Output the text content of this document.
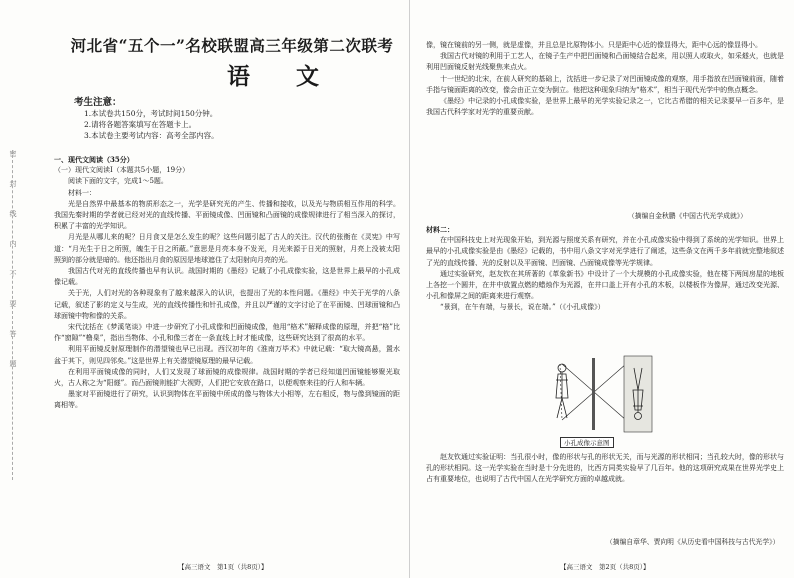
密
封
线
内
不
要
答
题
河北省“五个一”名校联盟高三年级第二次联考
语文
考生注意：
1.本试卷共150分，考试时间150分钟。
2.请将各题答案填写在答题卡上。
3.本试卷主要考试内容：高考全部内容。

一、现代文阅读（35分）

（一）现代文阅读Ⅰ（本题共5小题，19分）

阅读下面的文字，完成1～5题。

材料一：

光是自然界中最基本的物质形态之一，光学是研究光的产生、传播和接收，以及光与物质相互作用的科学。我国先秦时期的学者就已经对光的直线传播、平面镜成像、凹面镜和凸面镜的成像规律进行了相当深入的探讨，积累了丰富的光学知识。

月光是从哪儿来的呢？日月食又是怎么发生的呢？这些问题引起了古人的关注。汉代的张衡在《灵宪》中写道：“月光生于日之所照，魄生于日之所蔽。”意思是月亮本身不发光，月光来源于日光的照射，月亮上没被太阳照到的部分就是暗的。他还指出月食的原因是地球遮住了太阳射向月亮的光。

我国古代对光的直线传播也早有认识。战国时期的《墨经》记载了小孔成像实验，这是世界上最早的小孔成像记载。

关于光，人们对光的各种现象有了越来越深入的认识，也提出了光的本性问题。《墨经》中关于光学的八条记载，叙述了影的定义与生成，光的直线传播性和针孔成像，并且以严谨的文字讨论了在平面镜、凹球面镜和凸球面镜中物和像的关系。

宋代沈括在《梦溪笔谈》中进一步研究了小孔成像和凹面镜成像，他用“格术”解释成像的原理，并把“格”比作“窗隙”“橹臬”，指出当物体、小孔和像三者在一条直线上时才能成像，这些研究达到了很高的水平。

利用平面镜反射原理制作的潜望镜也早已出现。西汉初年的《淮南万毕术》中就记载：“取大镜高悬，置水盆于其下，则见四邻矣。”这是世界上有关潜望镜原理的最早记载。

在利用平面镜成像的同时，人们又发现了球面镜的成像规律。战国时期的学者已经知道凹面镜能够聚光取火，古人称之为“阳燧”。而凸面镜则能扩大视野，人们把它安放在路口，以便观察来往的行人和车辆。

墨家对平面镜进行了研究，认识到物体在平面镜中所成的像与物体大小相等，左右相反，物与像到镜面的距离相等。

【高三语文　第1页（共8页）】

像，镜在镜前的另一侧，就是虚像，并且总是比原物体小。只是距中心近的像显得大，距中心远的像显得小。

我国古代对镜的利用于工艺人，在镜子生产中把凹面镜和凸面镜结合起来，用以照人或取火，如采燧火，也就是利用凹面镜反射光线聚焦来点火。

十一世纪的北宋，在前人研究的基础上，沈括进一步记录了对凹面镜成像的观察，用手指放在凹面镜前面，随着手指与镜面距离的改变，像会由正立变为倒立。他把这种现象归纳为“格术”，相当于现代光学中的焦点概念。

《墨经》中记录的小孔成像实验，是世界上最早的光学实验记录之一，它比古希腊的相关记录要早一百多年，是我国古代科学家对光学的重要贡献。

（摘编自金秋鹏《中国古代光学成就》）

材料二：

在中国科技史上对光现象开始，到光源与照度关系有研究，并在小孔成像实验中得到了系统的光学知识。世界上最早的小孔成像实验是由《墨经》记载的，书中用八条文字对光学进行了阐述，这些条文在两千多年前就完整地叙述了光的直线传播、光的反射以及平面镜、凹面镜、凸面镜成像等光学规律。

通过实验研究，赵友钦在其所著的《革象新书》中设计了一个大规模的小孔成像实验，他在楼下两间房屋的地板上各挖一个圆井，在井中放置点燃的蜡烛作为光源，在井口盖上开有小孔的木板，以楼板作为像屏，通过改变光源、小孔和像屏之间的距离来进行观察。

“景到，在午有端，与景长，说在端。”（《小孔成像》）

小孔成像示意图

赵友钦通过实验证明：当孔很小时，像的形状与孔的形状无关，而与光源的形状相同；当孔较大时，像的形状与孔的形状相同。这一光学实验在当时是十分先进的，比西方同类实验早了几百年。他的这项研究成果在世界光学史上占有重要地位，也说明了古代中国人在光学研究方面的卓越成就。

（摘编自章华、贾向明《从历史看中国科技与古代光学》）
【高三语文　第2页（共8页）】
